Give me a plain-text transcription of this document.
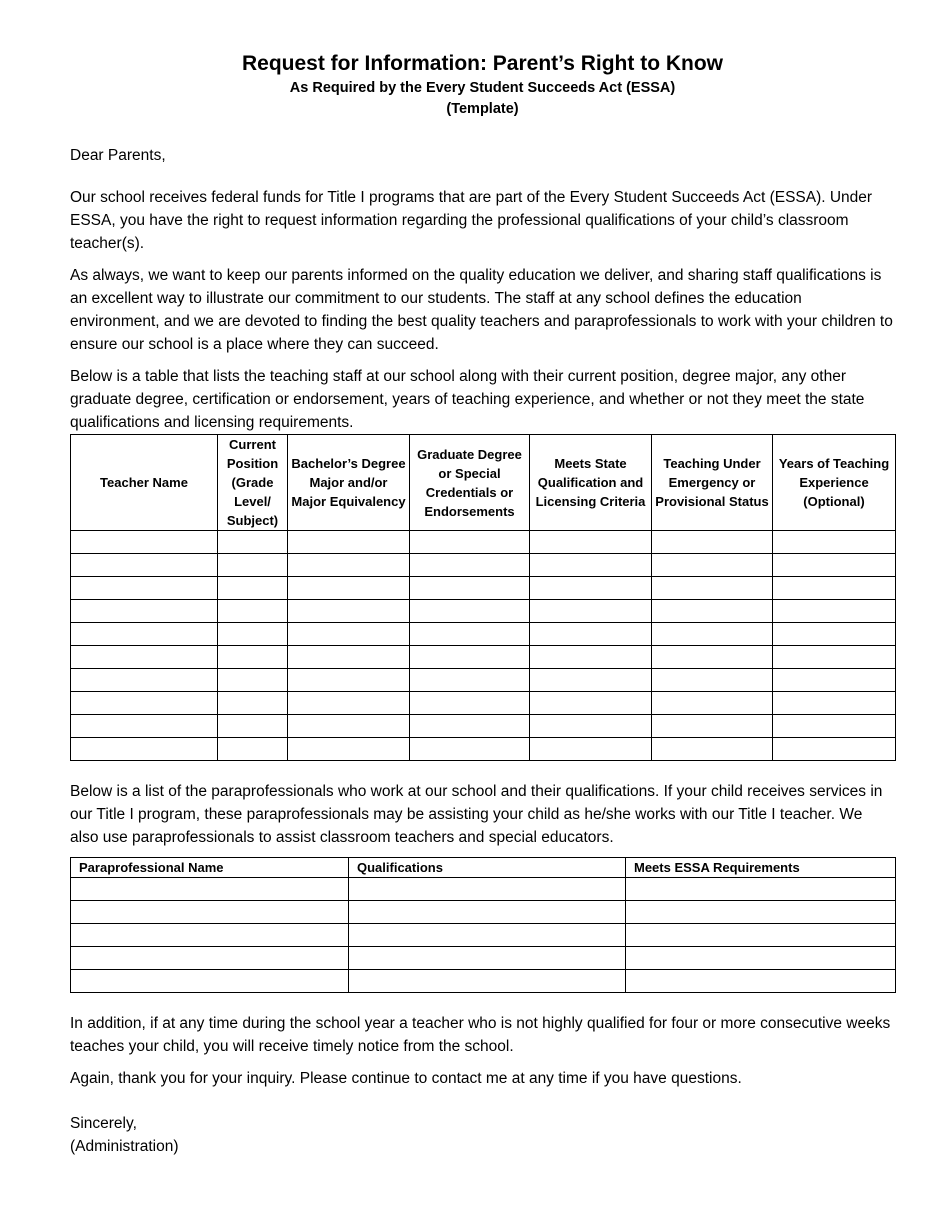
Request for Information: Parent’s Right to Know
As Required by the Every Student Succeeds Act (ESSA)
(Template)

Dear Parents,

Our school receives federal funds for Title I programs that are part of the Every Student Succeeds Act (ESSA). Under ESSA, you have the right to request information regarding the professional qualifications of your child’s classroom teacher(s).

As always, we want to keep our parents informed on the quality education we deliver, and sharing staff qualifications is an excellent way to illustrate our commitment to our students. The staff at any school defines the education environment, and we are devoted to finding the best quality teachers and paraprofessionals to work with your children to ensure our school is a place where they can succeed.

Below is a table that lists the teaching staff at our school along with their current position, degree major, any other graduate degree, certification or endorsement, years of teaching experience, and whether or not they meet the state qualifications and licensing requirements.

Teacher Name	Current Position (Grade Level/ Subject)	Bachelor’s Degree Major and/or Major Equivalency	Graduate Degree or Special Credentials or Endorsements	Meets State Qualification and Licensing Criteria	Teaching Under Emergency or Provisional Status	Years of Teaching Experience (Optional)

Below is a list of the paraprofessionals who work at our school and their qualifications. If your child receives services in our Title I program, these paraprofessionals may be assisting your child as he/she works with our Title I teacher. We also use paraprofessionals to assist classroom teachers and special educators.

Paraprofessional Name	Qualifications	Meets ESSA Requirements

In addition, if at any time during the school year a teacher who is not highly qualified for four or more consecutive weeks teaches your child, you will receive timely notice from the school.

Again, thank you for your inquiry. Please continue to contact me at any time if you have questions.

Sincerely,

(Administration)
